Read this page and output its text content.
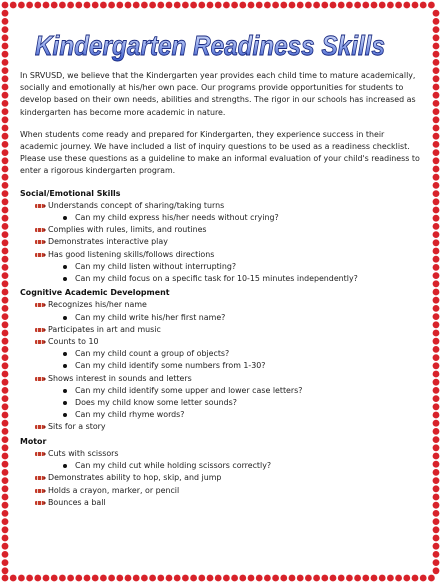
Kindergarten Readiness Skills

In SRVUSD, we believe that the Kindergarten year provides each child time to mature academically, socially and emotionally at his/her own pace. Our programs provide opportunities for students to develop based on their own needs, abilities and strengths. The rigor in our schools has increased as kindergarten has become more academic in nature.

When students come ready and prepared for Kindergarten, they experience success in their academic journey. We have included a list of inquiry questions to be used as a readiness checklist. Please use these questions as a guideline to make an informal evaluation of your child's readiness to enter a rigorous kindergarten program.

Social/Emotional Skills
Understands concept of sharing/taking turns
Can my child express his/her needs without crying?
Complies with rules, limits, and routines
Demonstrates interactive play
Has good listening skills/follows directions
Can my child listen without interrupting?
Can my child focus on a specific task for 10-15 minutes independently?
Cognitive Academic Development
Recognizes his/her name
Can my child write his/her first name?
Participates in art and music
Counts to 10
Can my child count a group of objects?
Can my child identify some numbers from 1-30?
Shows interest in sounds and letters
Can my child identify some upper and lower case letters?
Does my child know some letter sounds?
Can my child rhyme words?
Sits for a story
Motor
Cuts with scissors
Can my child cut while holding scissors correctly?
Demonstrates ability to hop, skip, and jump
Holds a crayon, marker, or pencil
Bounces a ball
